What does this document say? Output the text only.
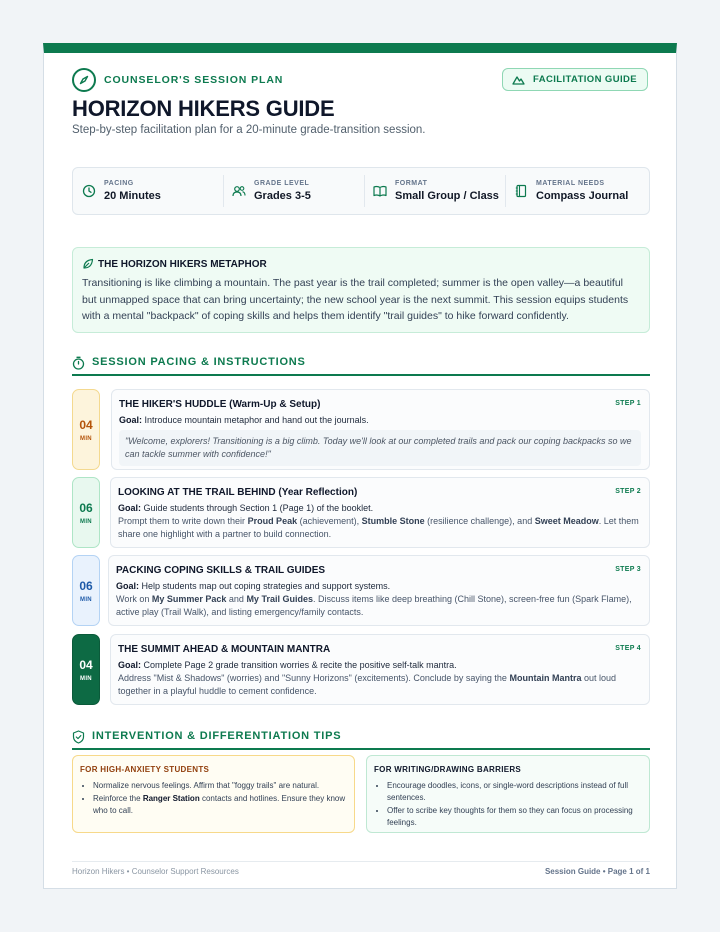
COUNSELOR'S SESSION PLAN	FACILITATION GUIDE
HORIZON HIKERS GUIDE
Step-by-step facilitation plan for a 20-minute grade-transition session.
PACING
20 Minutes
GRADE LEVEL
Grades 3-5
FORMAT
Small Group / Class
MATERIAL NEEDS
Compass Journal
THE HORIZON HIKERS METAPHOR
Transitioning is like climbing a mountain. The past year is the trail completed; summer is the open valley—a beautiful but unmapped space that can bring uncertainty; the new school year is the next summit. This session equips students with a mental "backpack" of coping skills and helps them identify "trail guides" to hike forward confidently.
SESSION PACING & INSTRUCTIONS
04
MIN
THE HIKER'S HUDDLE (Warm-Up & Setup)	STEP 1
Goal: Introduce mountain metaphor and hand out the journals.
"Welcome, explorers! Transitioning is a big climb. Today we'll look at our completed trails and pack our coping backpacks so we can tackle summer with confidence!"
06
MIN
LOOKING AT THE TRAIL BEHIND (Year Reflection)	STEP 2
Goal: Guide students through Section 1 (Page 1) of the booklet.
Prompt them to write down their Proud Peak (achievement), Stumble Stone (resilience challenge), and Sweet Meadow. Let them share one highlight with a partner to build connection.
06
MIN
PACKING COPING SKILLS & TRAIL GUIDES	STEP 3
Goal: Help students map out coping strategies and support systems.
Work on My Summer Pack and My Trail Guides. Discuss items like deep breathing (Chill Stone), screen-free fun (Spark Flame), active play (Trail Walk), and listing emergency/family contacts.
04
MIN
THE SUMMIT AHEAD & MOUNTAIN MANTRA	STEP 4
Goal: Complete Page 2 grade transition worries & recite the positive self-talk mantra.
Address "Mist & Shadows" (worries) and "Sunny Horizons" (excitements). Conclude by saying the Mountain Mantra out loud together in a playful huddle to cement confidence.
INTERVENTION & DIFFERENTIATION TIPS
FOR HIGH-ANXIETY STUDENTS
• Normalize nervous feelings. Affirm that "foggy trails" are natural.
• Reinforce the Ranger Station contacts and hotlines. Ensure they know who to call.
FOR WRITING/DRAWING BARRIERS
• Encourage doodles, icons, or single-word descriptions instead of full sentences.
• Offer to scribe key thoughts for them so they can focus on processing feelings.
Horizon Hikers • Counselor Support Resources	Session Guide • Page 1 of 1
